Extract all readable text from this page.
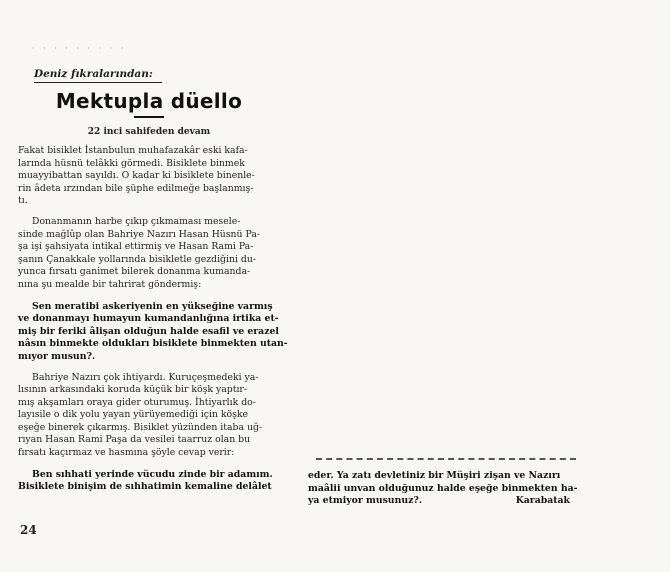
· · · · · · · · ·
Deniz fıkralarından:
Mektupla düello
22 inci sahifeden devam
Fakat bisiklet İstanbulun muhafazakâr eski kafa-
larında hüsnü telâkki görmedi. Bisiklete binmek
muayyibattan sayıldı. O kadar ki bisiklete binenle-
rin âdeta ırzından bile şüphe edilmeğe başlanmış-
tı.
Donanmanın harbe çıkıp çıkmaması mesele-
sinde mağlûp olan Bahriye Nazırı Hasan Hüsnü Pa-
şa işi şahsiyata intikal ettirmiş ve Hasan Rami Pa-
şanın Çanakkale yollarında bisikletle gezdiğini du-
yunca fırsatı ganimet bilerek donanma kumanda-
nına şu mealde bir tahrirat göndermiş:
Sen meratibi askeriyenin en yükseğine varmış
ve donanmayı humayun kumandanlığına irtika et-
miş bir feriki âlişan olduğun halde esafil ve erazel
nâsın binmekte oldukları bisiklete binmekten utan-
mıyor musun?.
Bahriye Nazırı çok ihtiyardı. Kuruçeşmedeki ya-
lısının arkasındaki koruda küçük bir köşk yaptır-
mış akşamları oraya gider oturumuş. İhtiyarlık do-
layısile o dik yolu yayan yürüyemediği için köşke
eşeğe binerek çıkarmış. Bisiklet yüzünden itaba uğ-
rıyan Hasan Rami Paşa da vesilei taarruz olan bu
fırsatı kaçırmaz ve hasmına şöyle cevap verir:
Ben sıhhati yerinde vücudu zinde bir adamım.
Bisiklete binişim de sıhhatimin kemaline delâlet
24
eder. Ya zatı devletiniz bir Müşiri zişan ve Nazırı
maâlii unvan olduğunuz halde eşeğe binmekten ha-
ya etmiyor musunuz?.	Karabatak
